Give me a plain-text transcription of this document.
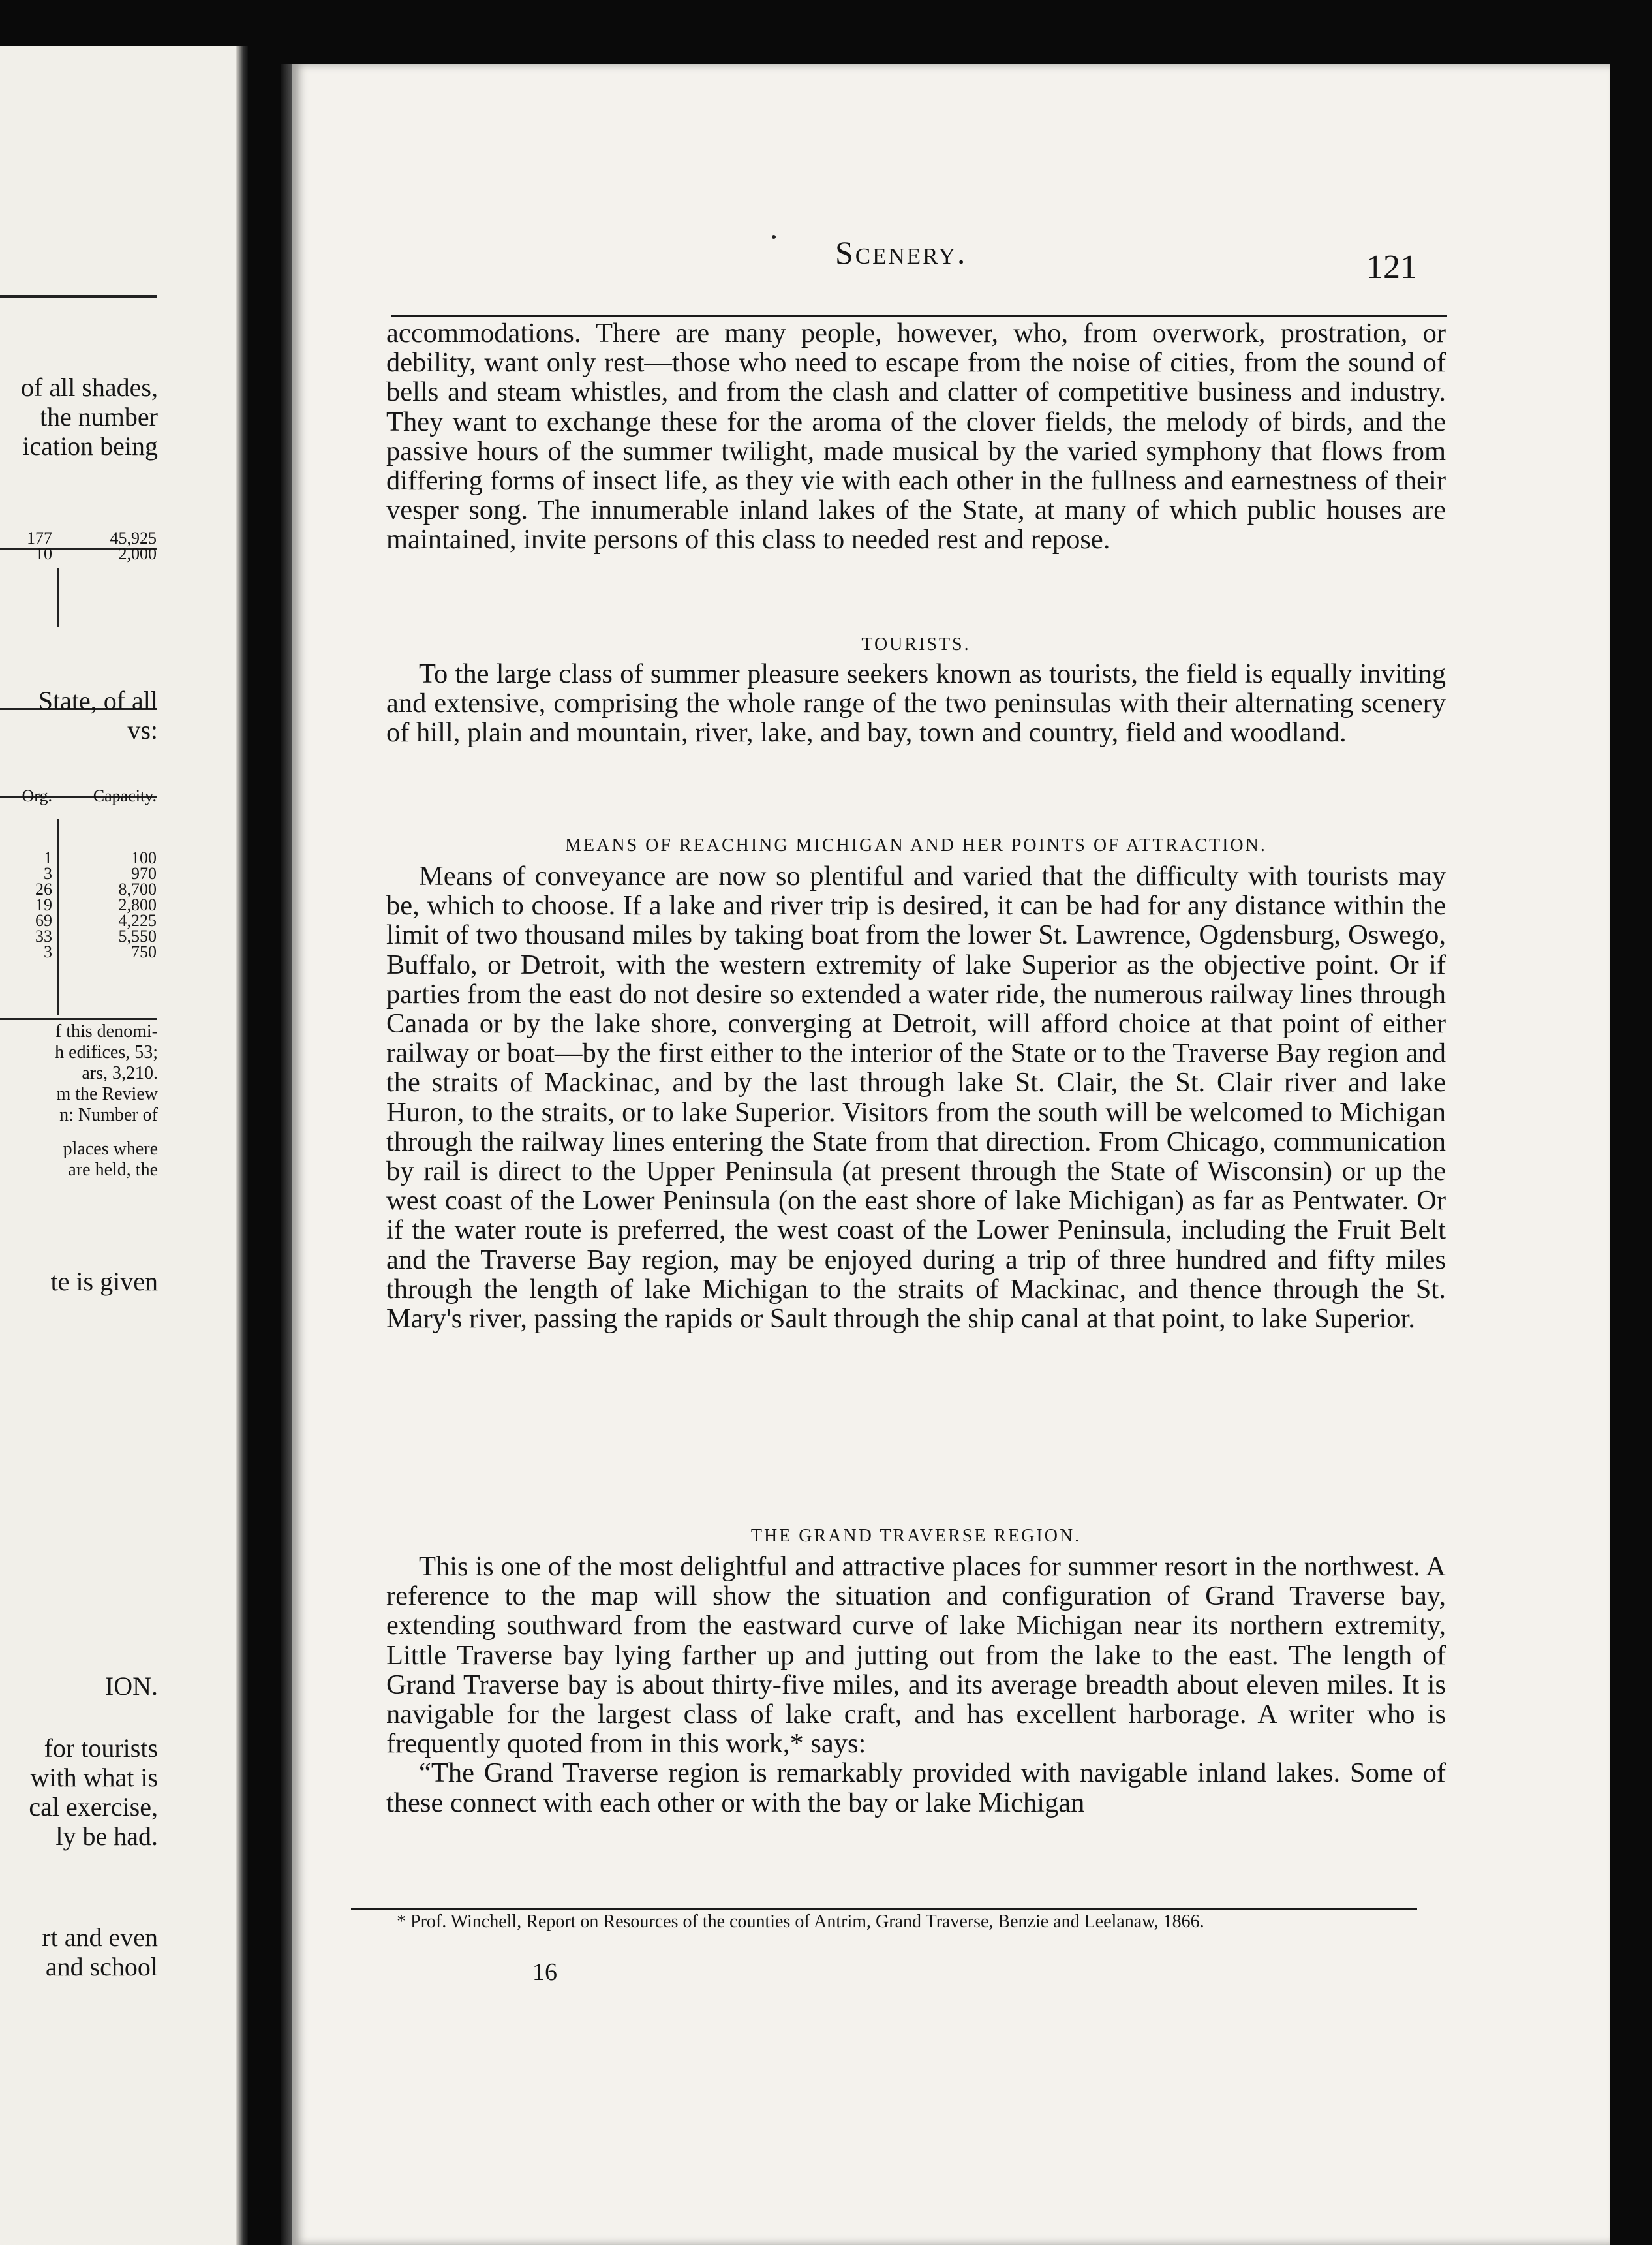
of all shades,
the number
ication being
State, of all
vs:
te is given
ION.
for tourists
with what is
cal exercise,
ly be had.
rt and even
and school
f this denomi-
h edifices, 53;
ars, 3,210.
m the Review
n: Number of
places where
are held, the
177	45,925
10	2,000
Org.	Capacity.
1	100
3	970
26	8,700
19	2,800
69	4,225
33	5,550
3	750
Scenery.	121

accommodations. There are many people, however, who, from overwork, prostration, or debility, want only rest—those who need to escape from the noise of cities, from the sound of bells and steam whistles, and from the clash and clatter of competitive business and industry. They want to exchange these for the aroma of the clover fields, the melody of birds, and the passive hours of the summer twilight, made musical by the varied symphony that flows from differing forms of insect life, as they vie with each other in the fullness and earnestness of their vesper song. The innumerable inland lakes of the State, at many of which public houses are maintained, invite persons of this class to needed rest and repose.

TOURISTS.

To the large class of summer pleasure seekers known as tourists, the field is equally inviting and extensive, comprising the whole range of the two peninsulas with their alternating scenery of hill, plain and mountain, river, lake, and bay, town and country, field and woodland.

MEANS OF REACHING MICHIGAN AND HER POINTS OF ATTRACTION.

Means of conveyance are now so plentiful and varied that the difficulty with tourists may be, which to choose. If a lake and river trip is desired, it can be had for any distance within the limit of two thousand miles by taking boat from the lower St. Lawrence, Ogdensburg, Oswego, Buffalo, or Detroit, with the western extremity of lake Superior as the objective point. Or if parties from the east do not desire so extended a water ride, the numerous railway lines through Canada or by the lake shore, converging at Detroit, will afford choice at that point of either railway or boat—by the first either to the interior of the State or to the Traverse Bay region and the straits of Mackinac, and by the last through lake St. Clair, the St. Clair river and lake Huron, to the straits, or to lake Superior. Visitors from the south will be welcomed to Michigan through the railway lines entering the State from that direction. From Chicago, communication by rail is direct to the Upper Peninsula (at present through the State of Wisconsin) or up the west coast of the Lower Peninsula (on the east shore of lake Michigan) as far as Pentwater. Or if the water route is preferred, the west coast of the Lower Peninsula, including the Fruit Belt and the Traverse Bay region, may be enjoyed during a trip of three hundred and fifty miles through the length of lake Michigan to the straits of Mackinac, and thence through the St. Mary's river, passing the rapids or Sault through the ship canal at that point, to lake Superior.

THE GRAND TRAVERSE REGION.

This is one of the most delightful and attractive places for summer resort in the northwest. A reference to the map will show the situation and configuration of Grand Traverse bay, extending southward from the eastward curve of lake Michigan near its northern extremity, Little Traverse bay lying farther up and jutting out from the lake to the east. The length of Grand Traverse bay is about thirty-five miles, and its average breadth about eleven miles. It is navigable for the largest class of lake craft, and has excellent harborage. A writer who is frequently quoted from in this work,* says:

“The Grand Traverse region is remarkably provided with navigable inland lakes. Some of these connect with each other or with the bay or lake Michigan

* Prof. Winchell, Report on Resources of the counties of Antrim, Grand Traverse, Benzie and Leelanaw, 1866.

16
